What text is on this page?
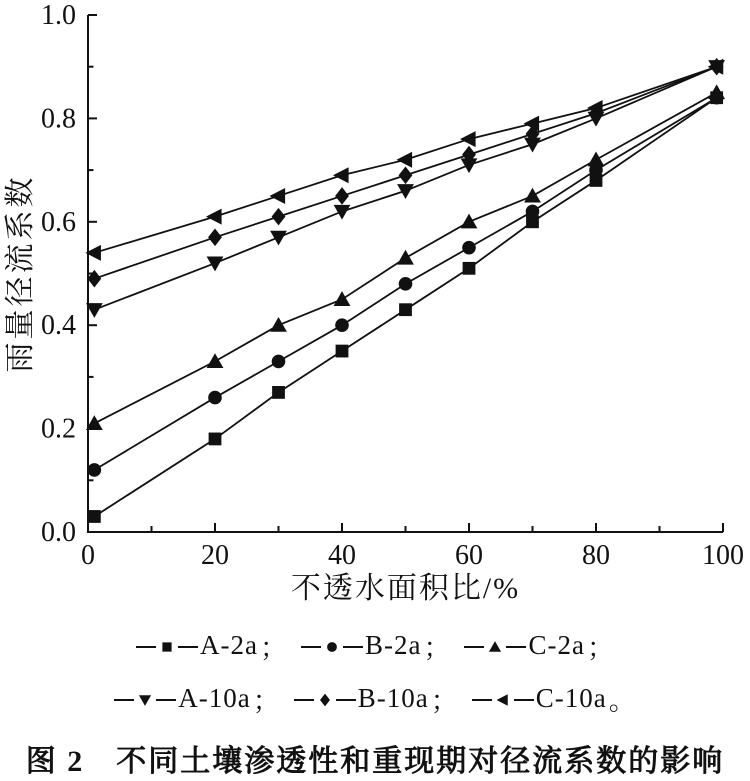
0.0
0.2
0.4
0.6
0.8
1.0
0	20	40	60	80	100
雨量径流系数
不透水面积比/%
A-2a ；	B-2a ；	C-2a ；
A-10a ；	B-10a ；	C-10a 。
图 2　不同土壤渗透性和重现期对径流系数的影响
